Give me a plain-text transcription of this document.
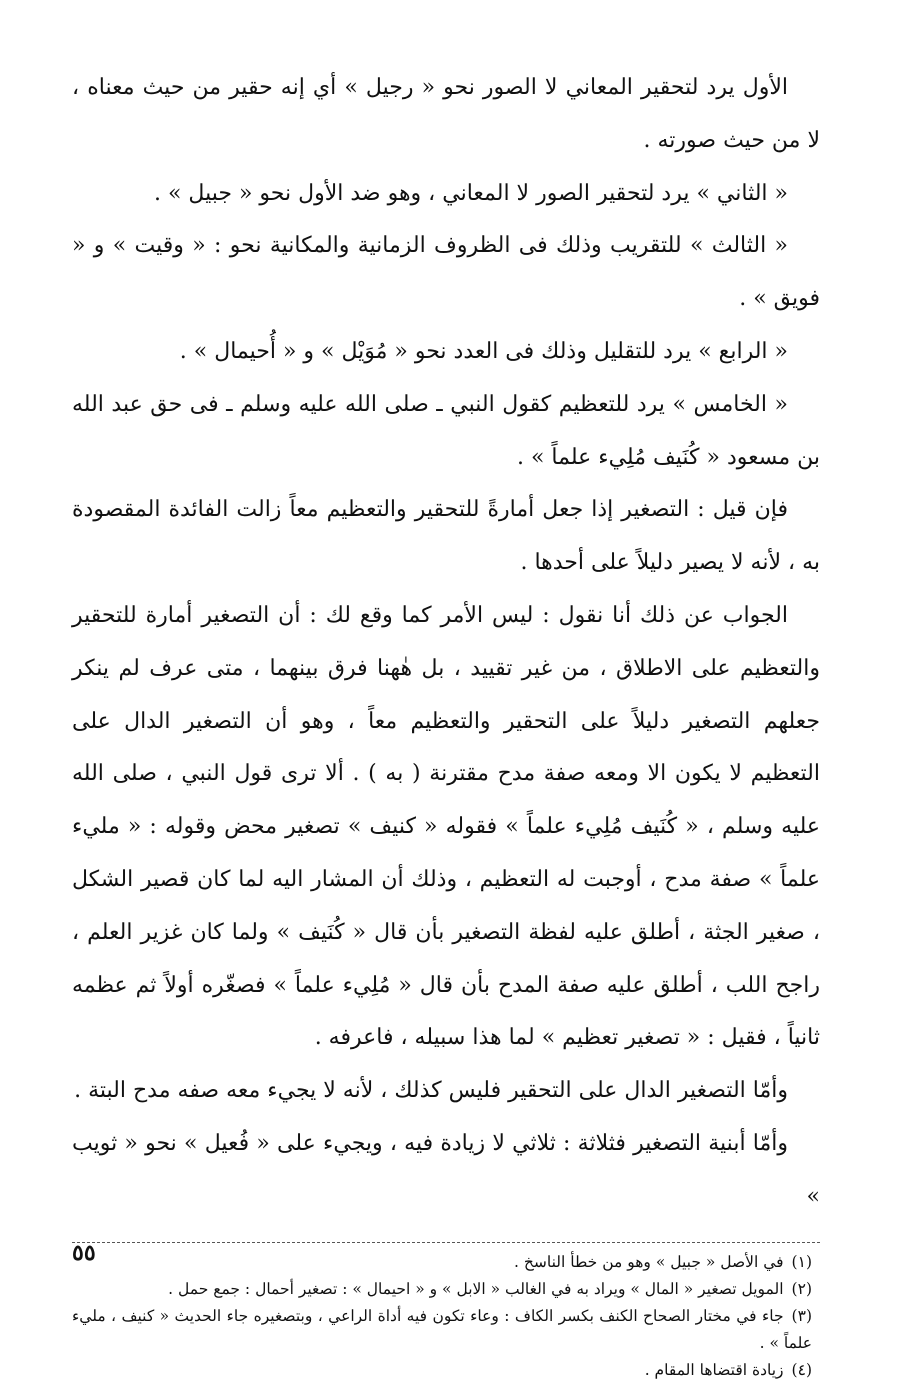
الأول يرد لتحقير المعاني لا الصور نحو « رجيل » أي إنه حقير من حيث معناه ، لا من حيث صورته .

« الثاني » يرد لتحقير الصور لا المعاني ، وهو ضد الأول نحو « جبيل » .

« الثالث » للتقريب وذلك فى الظروف الزمانية والمكانية نحو : « وقيت » و « فويق » .

« الرابع » يرد للتقليل وذلك فى العدد نحو « مُوَيْل » و « أُحيمال » .

« الخامس » يرد للتعظيم كقول النبي ـ صلى الله عليه وسلم ـ فى حق عبد الله بن مسعود « كُنَيف مُلِيء علماً » .

فإن قيل : التصغير إذا جعل أمارةً للتحقير والتعظيم معاً زالت الفائدة المقصودة به ، لأنه لا يصير دليلاً على أحدها .

الجواب عن ذلك أنا نقول : ليس الأمر كما وقع لك : أن التصغير أمارة للتحقير والتعظيم على الاطلاق ، من غير تقييد ، بل هٰهنا فرق بينهما ، متى عرف لم ينكر جعلهم التصغير دليلاً على التحقير والتعظيم معاً ، وهو أن التصغير الدال على التعظيم لا يكون الا ومعه صفة مدح مقترنة ( به ) . ألا ترى قول النبي ، صلى الله عليه وسلم ، « كُنَيف مُلِيء علماً » فقوله « كنيف » تصغير محض وقوله : « مليء علماً » صفة مدح ، أوجبت له التعظيم ، وذلك أن المشار اليه لما كان قصير الشكل ، صغير الجثة ، أطلق عليه لفظة التصغير بأن قال « كُنَيف » ولما كان غزير العلم ، راجح اللب ، أطلق عليه صفة المدح بأن قال « مُلِيء علماً » فصغّره أولاً ثم عظمه ثانياً ، فقيل : « تصغير تعظيم » لما هذا سبيله ، فاعرفه .

وأمّا التصغير الدال على التحقير فليس كذلك ، لأنه لا يجيء معه صفه مدح البتة .

وأمّا أبنية التصغير فثلاثة : ثلاثي لا زيادة فيه ، ويجيء على « فُعيل » نحو « ثويب »

(١)في الأصل « جبيل » وهو من خطأ الناسخ .

(٢)المويل تصغير « المال » ويراد به في الغالب « الابل » و « احيمال » : تصغير أحمال : جمع حمل .

(٣)جاء في مختار الصحاح الكنف بكسر الكاف : وعاء تكون فيه أداة الراعي ، وبتصغيره جاء الحديث « كنيف ، مليء علماً » .

(٤)زيادة اقتضاها المقام .

٥٥
